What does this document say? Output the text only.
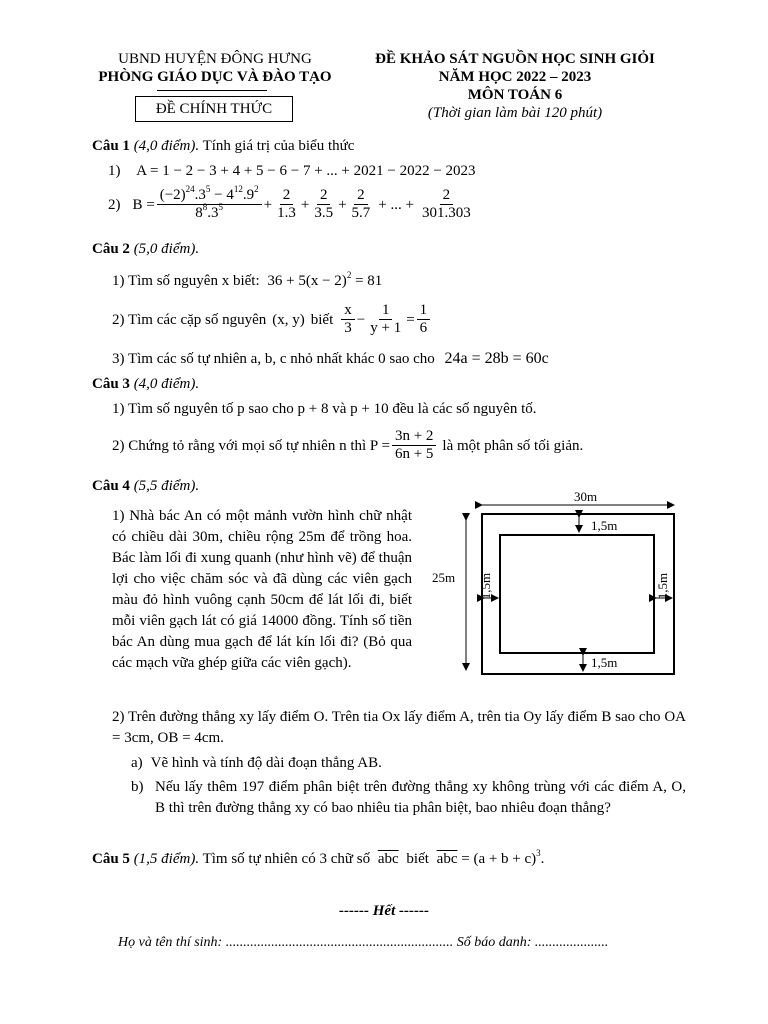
UBND HUYỆN ĐÔNG HƯNG
PHÒNG GIÁO DỤC VÀ ĐÀO TẠO
ĐỀ CHÍNH THỨC
ĐỀ KHẢO SÁT NGUỒN HỌC SINH GIỎI
NĂM HỌC 2022 – 2023
MÔN TOÁN 6
(Thời gian làm bài 120 phút)
Câu 1 (4,0 điểm). Tính giá trị của biểu thức
1) A = 1 − 2 − 3 + 4 + 5 − 6 − 7 + ... + 2021 − 2022 − 2023
2) $B = \frac{(-2)^{24}.3^5 - 4^{12}.9^2}{8^8.3^5} + \frac{2}{1.3} + \frac{2}{3.5} + \frac{2}{5.7}$ + ... + $\frac{2}{301.303}$
Câu 2 (5,0 điểm).
1) Tìm số nguyên x biết: $36 + 5(x - 2)^2 = 81$
2) Tìm các cặp số nguyên (x, y) biết $\frac{x}{3} - \frac{1}{y + 1} = \frac{1}{6}$
3) Tìm các số tự nhiên a, b, c nhỏ nhất khác 0 sao cho 24a = 28b = 60c
Câu 3 (4,0 điểm).
1) Tìm số nguyên tố p sao cho p + 8 và p + 10 đều là các số nguyên tố.
2) Chứng tỏ rằng với mọi số tự nhiên n thì $P = \frac{3n + 2}{6n + 5}$ là một phân số tối giản.
Câu 4 (5,5 điểm).
1) Nhà bác An có một mảnh vườn hình chữ nhật có chiều dài 30m, chiều rộng 25m để trồng hoa. Bác làm lối đi xung quanh (như hình vẽ) để thuận lợi cho việc chăm sóc và đã dùng các viên gạch màu đỏ hình vuông cạnh 50cm để lát lối đi, biết mỗi viên gạch lát có giá 14000 đồng. Tính số tiền bác An dùng mua gạch để lát kín lối đi? (Bỏ qua các mạch vữa ghép giữa các viên gạch).
30m
25m
1,5m
1,5m
1,5m	1,5m
2) Trên đường thẳng xy lấy điểm O. Trên tia Ox lấy điểm A, trên tia Oy lấy điểm B sao cho OA = 3cm, OB = 4cm.
a) Vẽ hình và tính độ dài đoạn thẳng AB.
b) Nếu lấy thêm 197 điểm phân biệt trên đường thẳng xy không trùng với các điểm A, O, B thì trên đường thẳng xy có bao nhiêu tia phân biệt, bao nhiêu đoạn thẳng?
Câu 5 (1,5 điểm). Tìm số tự nhiên có 3 chữ số $\overline{abc}$ biết $\overline{abc} = (a + b + c)^3$.
------ Hết ------
Họ và tên thí sinh: ................................................................. Số báo danh: .....................
